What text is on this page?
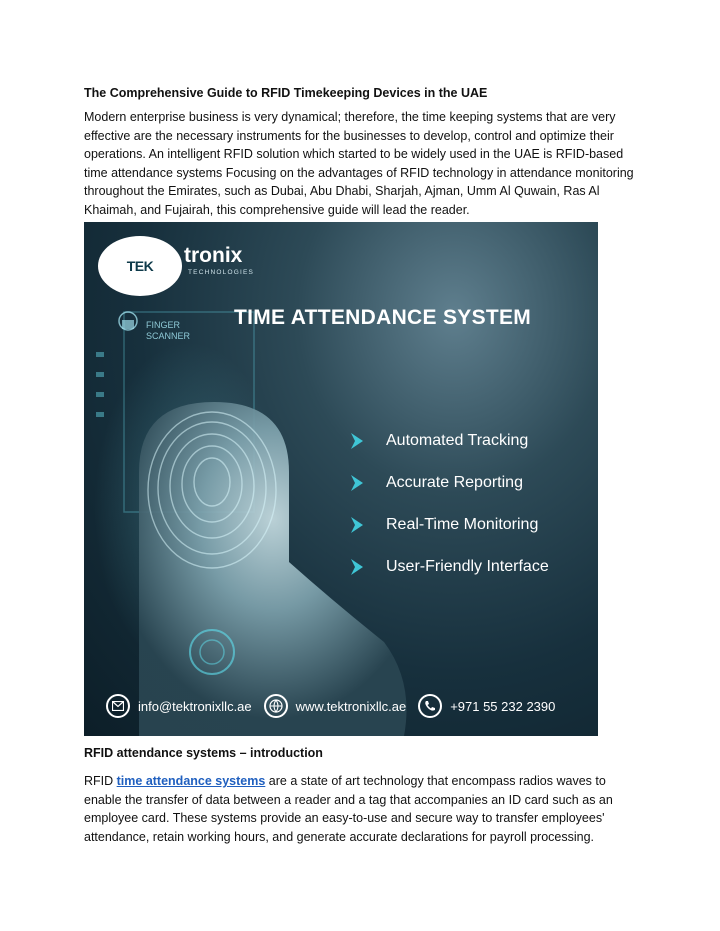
The Comprehensive Guide to RFID Timekeeping Devices in the UAE
Modern enterprise business is very dynamical; therefore, the time keeping systems that are very effective are the necessary instruments for the businesses to develop, control and optimize their operations. An intelligent RFID solution which started to be widely used in the UAE is RFID-based time attendance systems Focusing on the advantages of RFID technology in attendance monitoring throughout the Emirates, such as Dubai, Abu Dhabi, Sharjah, Ajman, Umm Al Quwain, Ras Al Khaimah, and Fujairah, this comprehensive guide will lead the reader.
TEK tronix
TECHNOLOGIES
FINGER
SCANNER
TIME ATTENDANCE SYSTEM
Automated Tracking
Accurate Reporting
Real-Time Monitoring
User-Friendly Interface
info@tektronixllc.ae	www.tektronixllc.ae	+971 55 232 2390
RFID attendance systems – introduction
RFID time attendance systems are a state of art technology that encompass radios waves to enable the transfer of data between a reader and a tag that accompanies an ID card such as an employee card. These systems provide an easy-to-use and secure way to transfer employees' attendance, retain working hours, and generate accurate declarations for payroll processing.
